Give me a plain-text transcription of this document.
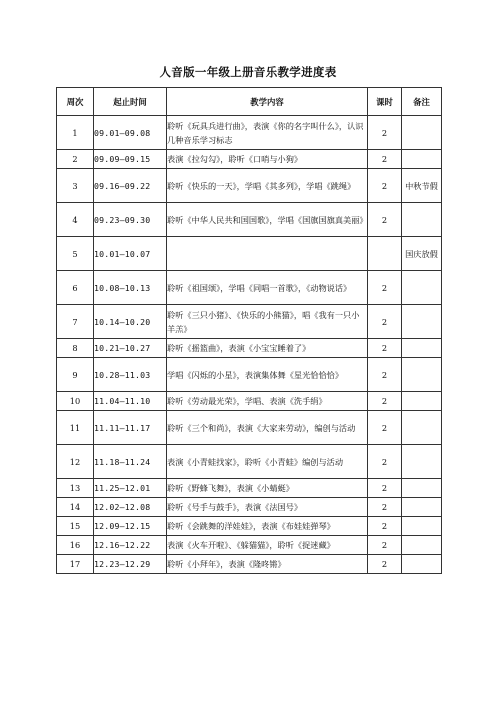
人音版一年级上册音乐教学进度表
周次	起止时间	教学内容	课时	备注
1	09.01—09.08	聆听《玩具兵进行曲》，表演《你的名字叫什么》，认识几种音乐学习标志	2	
2	09.09—09.15	表演《拉勾勾》，聆听《口哨与小狗》	2	
3	09.16—09.22	聆听《快乐的一天》，学唱《其多列》，学唱《跳绳》	2	中秋节假
4	09.23—09.30	聆听《中华人民共和国国歌》，学唱《国旗国旗真美丽》	2	
5	10.01—10.07			国庆放假
6	10.08—10.13	聆听《祖国颂》，学唱《同唱一首歌》，《动物说话》	2	
7	10.14—10.20	聆听《三只小猪》、《快乐的小熊猫》，唱《我有一只小羊羔》	2	
8	10.21—10.27	聆听《摇篮曲》，表演《小宝宝睡着了》	2	
9	10.28—11.03	学唱《闪烁的小星》，表演集体舞《星光恰恰恰》	2	
10	11.04—11.10	聆听《劳动最光荣》，学唱、表演《洗手绢》	2	
11	11.11—11.17	聆听《三个和尚》，表演《大家来劳动》，编创与活动	2	
12	11.18—11.24	表演《小青蛙找家》，聆听《小青蛙》编创与活动	2	
13	11.25—12.01	聆听《野蜂飞舞》，表演《小蜻蜓》	2	
14	12.02—12.08	聆听《号手与鼓手》，表演《法国号》	2	
15	12.09—12.15	聆听《会跳舞的洋娃娃》，表演《布娃娃弹琴》	2	
16	12.16—12.22	表演《火车开啦》、《躲猫猫》，聆听《捉迷藏》	2	
17	12.23—12.29	聆听《小拜年》，表演《隆咚锵》	2	
